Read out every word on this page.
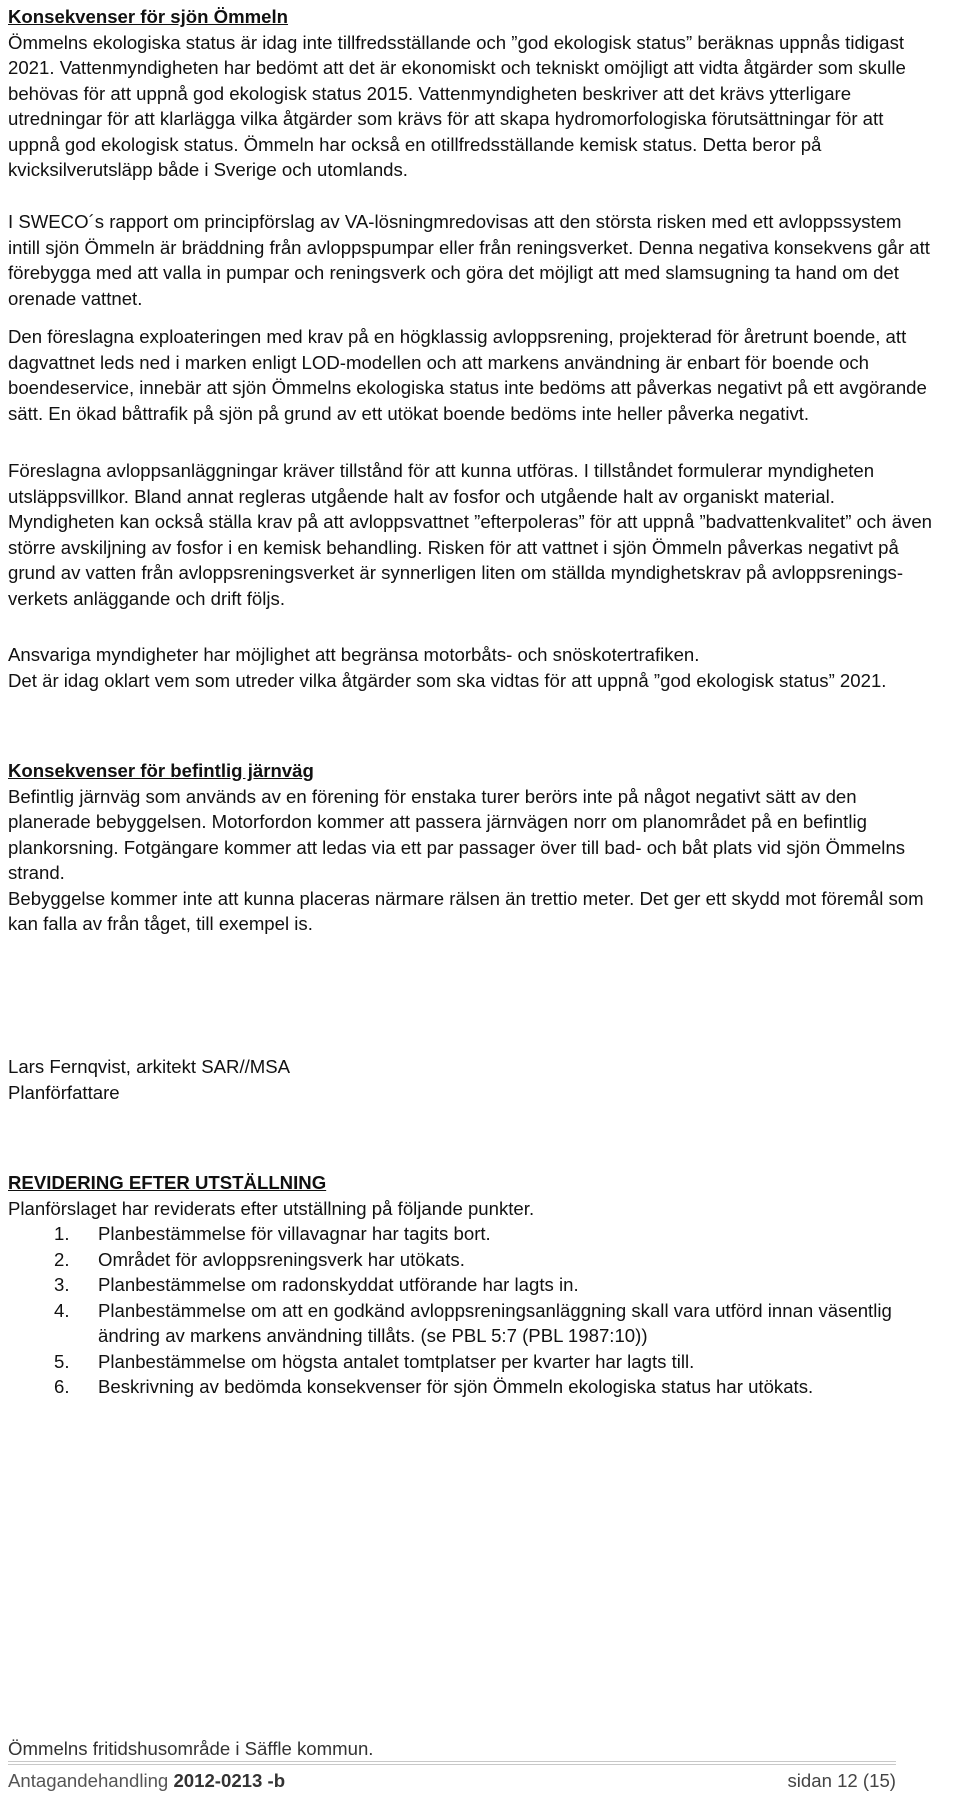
Konsekvenser för sjön Ömmeln

Ömmelns ekologiska status är idag inte tillfredsställande och ”god ekologisk status” beräknas uppnås tidigast 2021. Vattenmyndigheten har bedömt att det är ekonomiskt och tekniskt omöjligt att vidta åtgärder som skulle behövas för att uppnå god ekologisk status 2015. Vattenmyndigheten beskriver att det krävs ytterligare utredningar för att klarlägga vilka åtgärder som krävs för att skapa hydromorfologiska förutsättningar för att uppnå god ekologisk status. Ömmeln har också en otillfredsställande kemisk status. Detta beror på kvicksilverutsläpp både i Sverige och utomlands.

I SWECO´s rapport om principförslag av VA-lösningmredovisas att den största risken med ett avloppssystem intill sjön Ömmeln är bräddning från avloppspumpar eller från reningsverket. Denna negativa konsekvens går att förebygga med att valla in pumpar och reningsverk och göra det möjligt att med slamsugning ta hand om det orenade vattnet.

Den föreslagna exploateringen med krav på en högklassig avloppsrening, projekterad för åretrunt boende, att dagvattnet leds ned i marken enligt LOD-modellen och att markens användning är enbart för boende och boendeservice, innebär att sjön Ömmelns ekologiska status inte bedöms att påverkas negativt på ett avgörande sätt. En ökad båttrafik på sjön på grund av ett utökat boende bedöms inte heller påverka negativt.

Föreslagna avloppsanläggningar kräver tillstånd för att kunna utföras. I tillståndet formulerar myndigheten utsläppsvillkor. Bland annat regleras utgående halt av fosfor och utgående halt av organiskt material. Myndigheten kan också ställa krav på att avloppsvattnet ”efterpoleras” för att uppnå ”badvattenkvalitet” och även större avskiljning av fosfor i en kemisk behandling. Risken för att vattnet i sjön Ömmeln påverkas negativt på grund av vatten från avloppsreningsverket är synnerligen liten om ställda myndighetskrav på avloppsrenings-verkets anläggande och drift följs.

Ansvariga myndigheter har möjlighet att begränsa motorbåts- och snöskotertrafiken.

Det är idag oklart vem som utreder vilka åtgärder som ska vidtas för att uppnå ”god ekologisk status” 2021.

Konsekvenser för befintlig järnväg

Befintlig järnväg som används av en förening för enstaka turer berörs inte på något negativt sätt av den planerade bebyggelsen. Motorfordon kommer att passera järnvägen norr om planområdet på en befintlig plankorsning. Fotgängare kommer att ledas via ett par passager över till bad- och båt plats vid sjön Ömmelns strand.

Bebyggelse kommer inte att kunna placeras närmare rälsen än trettio meter. Det ger ett skydd mot föremål som kan falla av från tåget, till exempel is.

Lars Fernqvist, arkitekt SAR//MSA

Planförfattare

REVIDERING EFTER UTSTÄLLNING

Planförslaget har reviderats efter utställning på följande punkter.

1. Planbestämmelse för villavagnar har tagits bort.
2. Området för avloppsreningsverk har utökats.
3. Planbestämmelse om radonskyddat utförande har lagts in.
4. Planbestämmelse om att en godkänd avloppsreningsanläggning skall vara utförd innan väsentlig ändring av markens användning tillåts. (se PBL 5:7 (PBL 1987:10))
5. Planbestämmelse om högsta antalet tomtplatser per kvarter har lagts till.
6. Beskrivning av bedömda konsekvenser för sjön Ömmeln ekologiska status har utökats.
Ömmelns fritidshusområde i Säffle kommun.
Antagandehandling 2012-0213 -b	sidan 12 (15)
